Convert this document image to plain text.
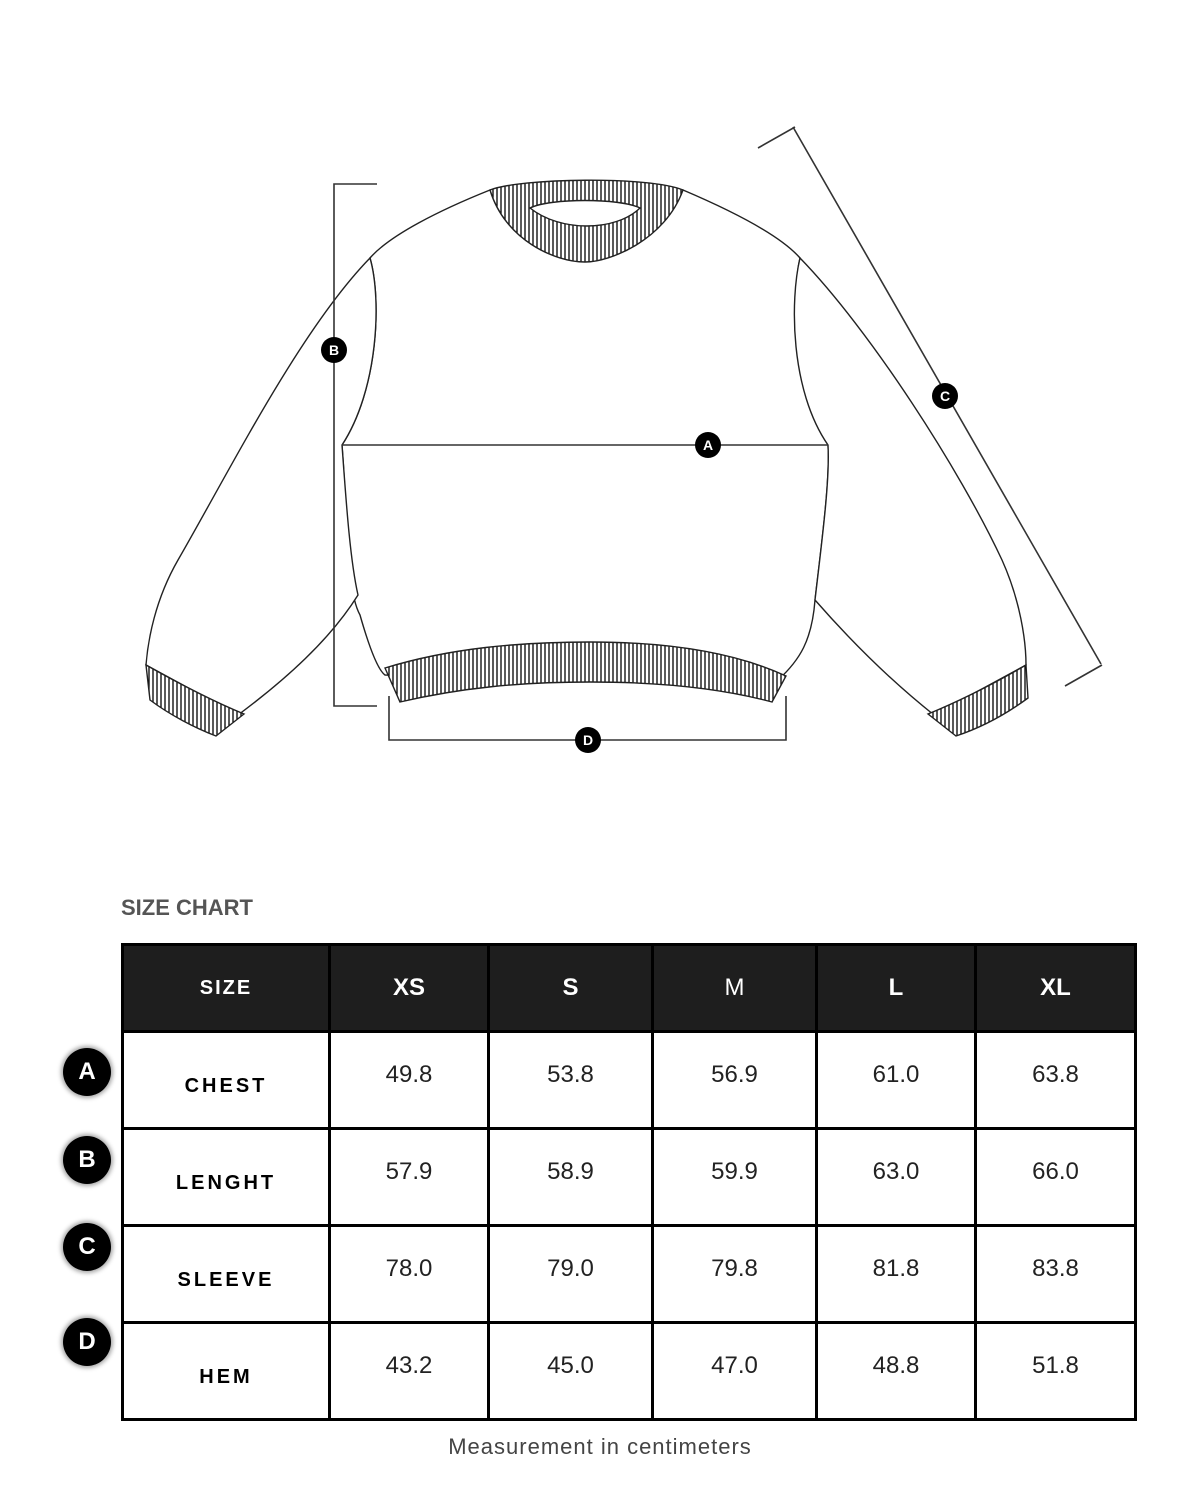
A
B
C
D
SIZE CHART
A
B
C
D
SIZE	XS	S	M	L	XL
CHEST	49.8	53.8	56.9	61.0	63.8
LENGHT	57.9	58.9	59.9	63.0	66.0
SLEEVE	78.0	79.0	79.8	81.8	83.8
HEM	43.2	45.0	47.0	48.8	51.8
Measurement in centimeters
